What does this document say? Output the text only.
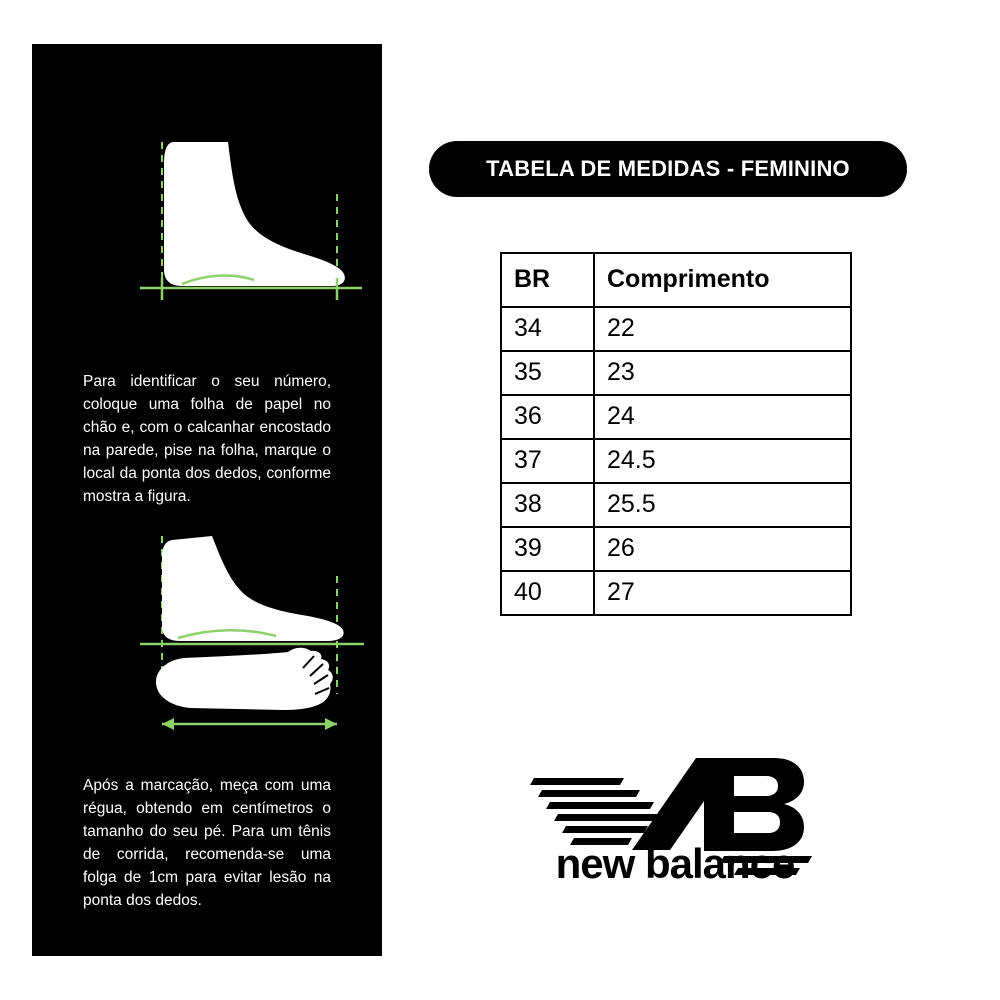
Para identificar o seu número, coloque uma folha de papel no chão e, com o calcanhar encostado na parede, pise na folha, marque o local da ponta dos dedos, conforme mostra a figura.
Após a marcação, meça com uma régua, obtendo em centímetros o tamanho do seu pé. Para um tênis de corrida, recomenda-se uma folga de 1cm para evitar lesão na ponta dos dedos.
TABELA DE MEDIDAS - FEMININO
BR	Comprimento
34	22
35	23
36	24
37	24.5
38	25.5
39	26
40	27
new balance
